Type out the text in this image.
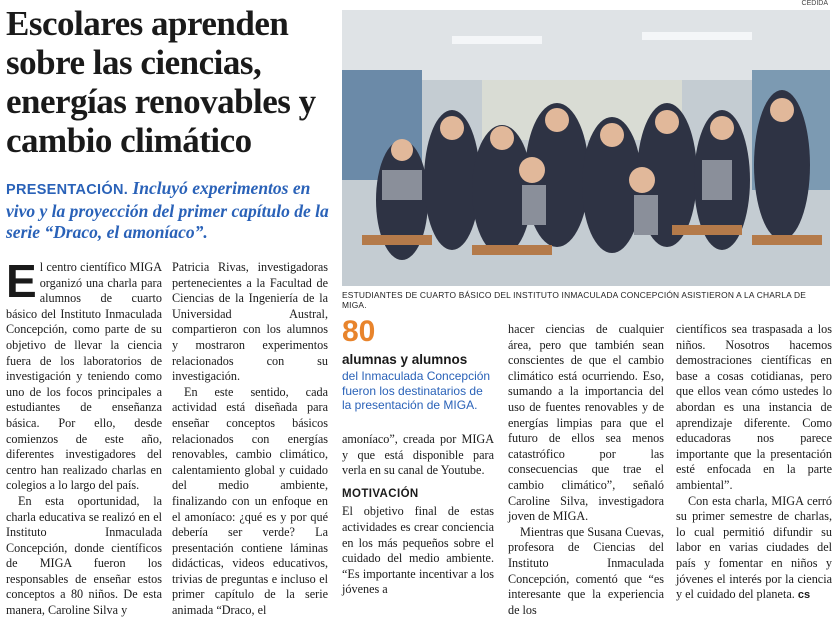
Escolares aprenden sobre las ciencias, energías renovables y cambio climático

PRESENTACIÓN. Incluyó experimentos en vivo y la proyección del primer capítulo de la serie “Draco, el amoníaco”.

El centro científico MIGA organizó una charla para alumnos de cuarto básico del Instituto Inmaculada Concepción, como parte de su objetivo de llevar la ciencia fuera de los laboratorios de investigación y teniendo como uno de los focos principales a estudiantes de enseñanza básica. Por ello, desde comienzos de este año, diferentes investigadores del centro han realizado charlas en colegios a lo largo del país.

En esta oportunidad, la charla educativa se realizó en el Instituto Inmaculada Concepción, donde científicos de MIGA fueron los responsables de enseñar estos conceptos a 80 niños. De esta manera, Caroline Silva y

Patricia Rivas, investigadoras pertenecientes a la Facultad de Ciencias de la Ingeniería de la Universidad Austral, compartieron con los alumnos y mostraron experimentos relacionados con su investigación.

En este sentido, cada actividad está diseñada para enseñar conceptos básicos relacionados con energías renovables, cambio climático, calentamiento global y cuidado del medio ambiente, finalizando con un enfoque en el amoníaco: ¿qué es y por qué debería ser verde? La presentación contiene láminas didácticas, videos educativos, trivias de preguntas e incluso el primer capítulo de la serie animada “Draco, el

CEDIDA
ESTUDIANTES DE CUARTO BÁSICO DEL INSTITUTO INMACULADA CONCEPCIÓN ASISTIERON A LA CHARLA DE MIGA.
80
alumnas y alumnos
del Inmaculada Concepción fueron los destinatarios de la presentación de MIGA.

amoníaco”, creada por MIGA y que está disponible para verla en su canal de Youtube.

MOTIVACIÓN

El objetivo final de estas actividades es crear conciencia en los más pequeños sobre el cuidado del medio ambiente. “Es importante incentivar a los jóvenes a

hacer ciencias de cualquier área, pero que también sean conscientes de que el cambio climático está ocurriendo. Eso, sumando a la importancia del uso de fuentes renovables y de energías limpias para que el futuro de ellos sea menos catastrófico por las consecuencias que trae el cambio climático”, señaló Caroline Silva, investigadora joven de MIGA.

Mientras que Susana Cuevas, profesora de Ciencias del Instituto Inmaculada Concepción, comentó que “es interesante que la experiencia de los

científicos sea traspasada a los niños. Nosotros hacemos demostraciones científicas en base a cosas cotidianas, pero que ellos vean cómo ustedes lo abordan es una instancia de aprendizaje diferente. Como educadoras nos parece importante que la presentación esté enfocada en la parte ambiental”.

Con esta charla, MIGA cerró su primer semestre de charlas, lo cual permitió difundir su labor en varias ciudades del país y fomentar en niños y jóvenes el interés por la ciencia y el cuidado del planeta. cs
